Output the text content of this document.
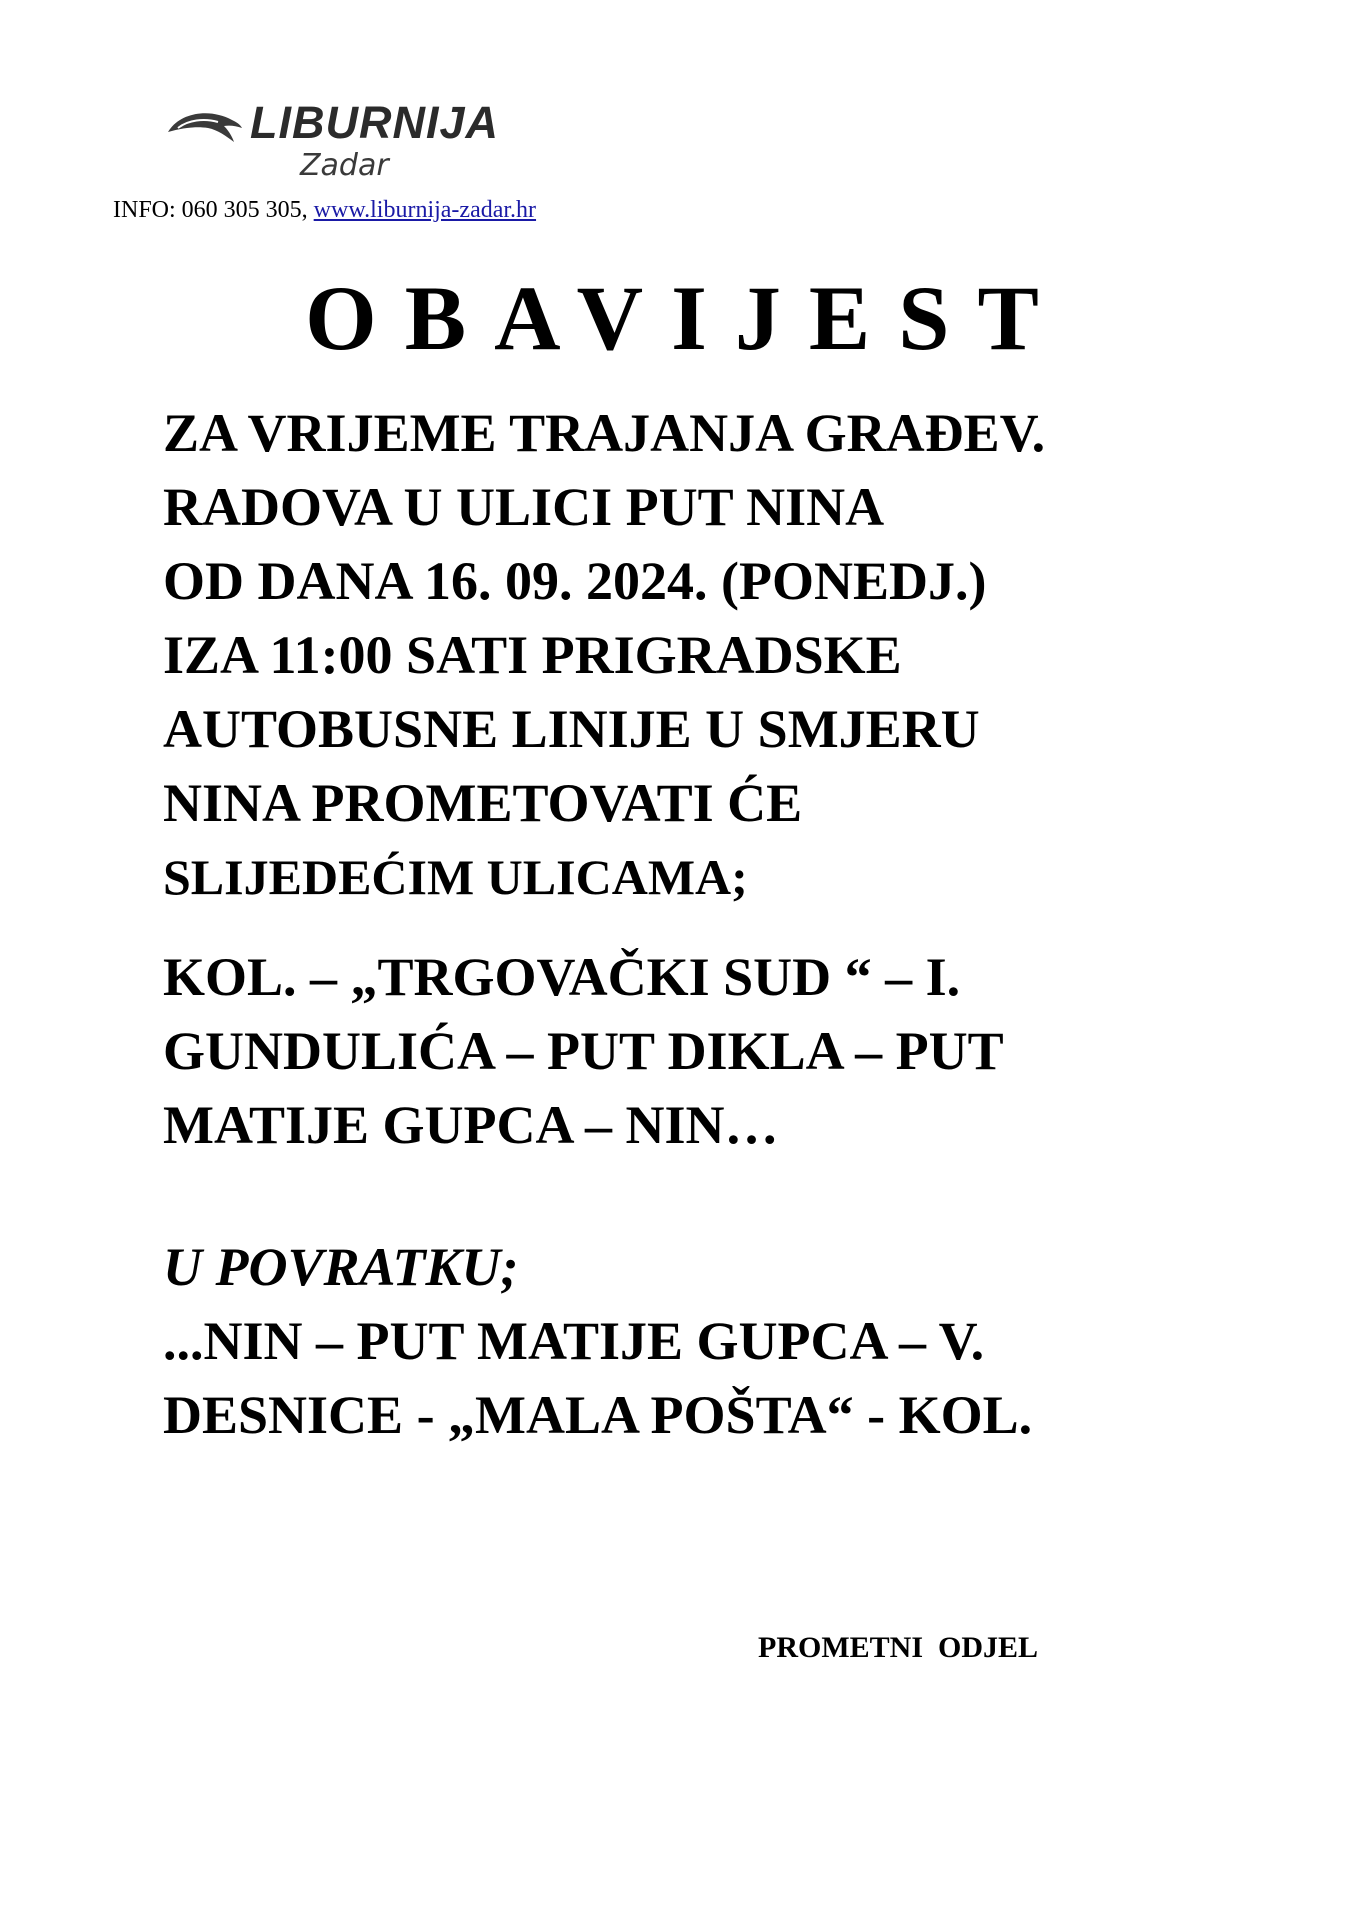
LIBURNIJA
Zadar
INFO: 060 305 305, www.liburnija-zadar.hr
OBAVIJEST

ZA VRIJEME TRAJANJA GRAĐEV.

RADOVA U ULICI PUT NINA

OD DANA 16. 09. 2024. (PONEDJ.)

IZA 11:00 SATI PRIGRADSKE

AUTOBUSNE LINIJE U SMJERU

NINA PROMETOVATI ĆE

SLIJEDEĆIM ULICAMA;

KOL. – „TRGOVAČKI SUD “ – I.

GUNDULIĆA – PUT DIKLA – PUT

MATIJE GUPCA – NIN…

U POVRATKU;

...NIN – PUT MATIJE GUPCA – V.

DESNICE - „MALA POŠTA“ - KOL.

PROMETNI  ODJEL
